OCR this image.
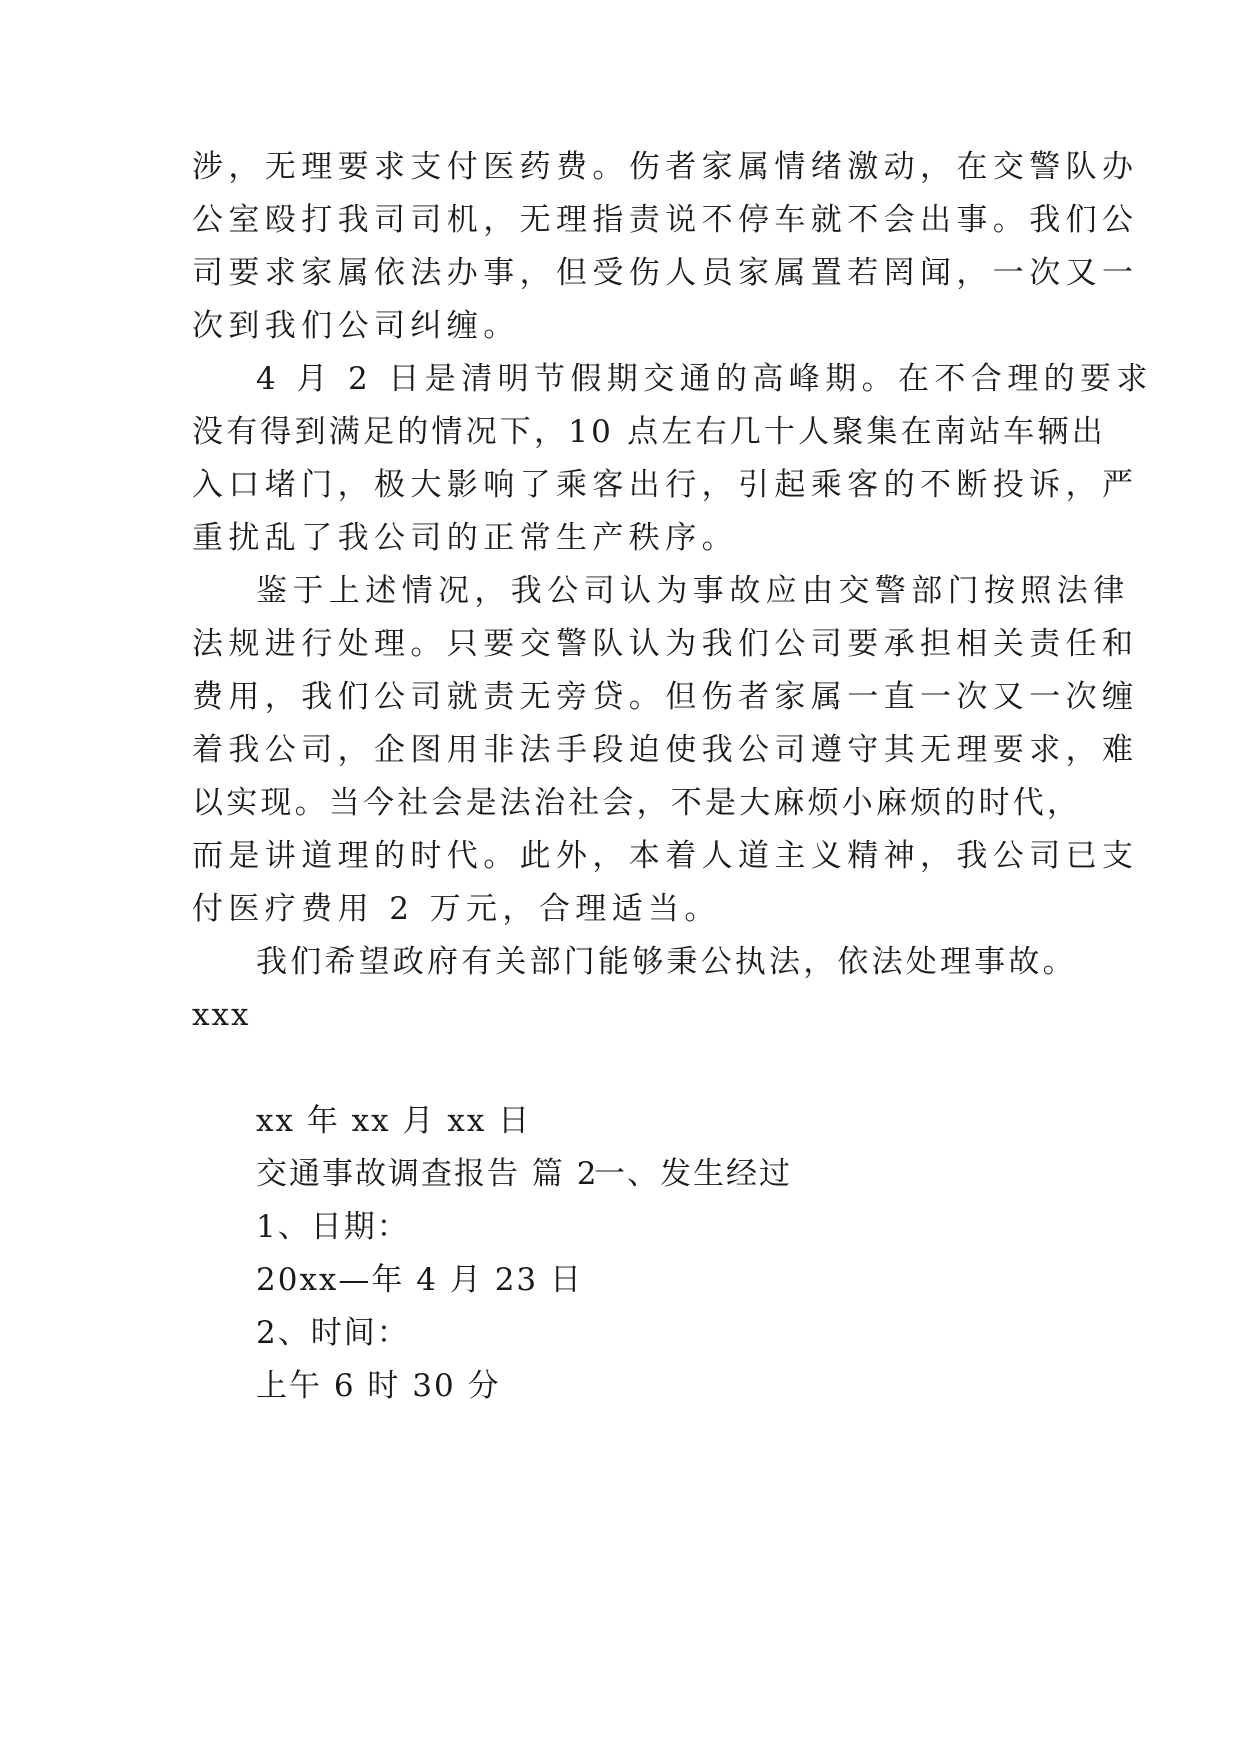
涉，无理要求支付医药费。伤者家属情绪激动，在交警队办
公室殴打我司司机，无理指责说不停车就不会出事。我们公
司要求家属依法办事，但受伤人员家属置若罔闻，一次又一
次到我们公司纠缠。
4 月 2 日是清明节假期交通的高峰期。在不合理的要求
没有得到满足的情况下，10 点左右几十人聚集在南站车辆出
入口堵门，极大影响了乘客出行，引起乘客的不断投诉，严
重扰乱了我公司的正常生产秩序。
鉴于上述情况，我公司认为事故应由交警部门按照法律
法规进行处理。只要交警队认为我们公司要承担相关责任和
费用，我们公司就责无旁贷。但伤者家属一直一次又一次缠
着我公司，企图用非法手段迫使我公司遵守其无理要求，难
以实现。当今社会是法治社会，不是大麻烦小麻烦的时代，
而是讲道理的时代。此外，本着人道主义精神，我公司已支
付医疗费用 2 万元，合理适当。
我们希望政府有关部门能够秉公执法，依法处理事故。
xxx
xx 年 xx 月 xx 日
交通事故调查报告 篇 2
一、发生经过
1、日期：
20xx—年 4 月 23 日
2、时间：
上午 6 时 30 分
